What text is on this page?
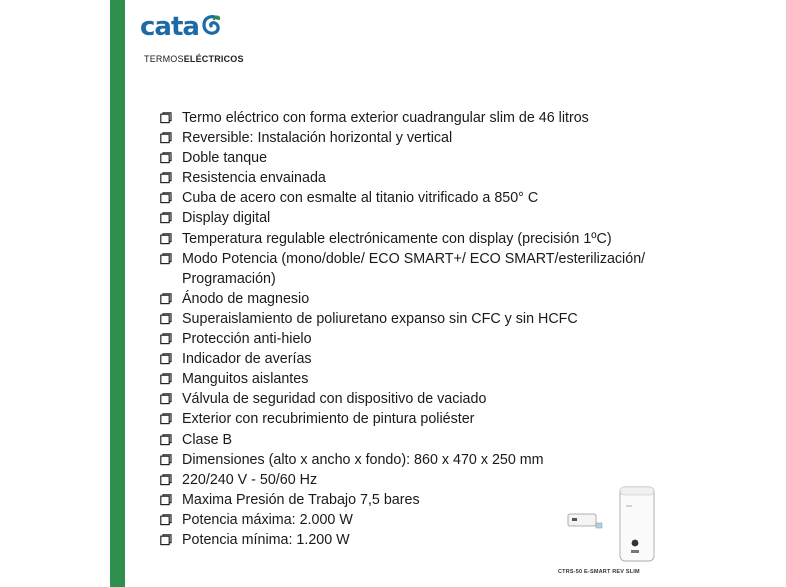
cata
TERMOSELÉCTRICOS
Termo eléctrico con forma exterior cuadrangular slim de 46 litros
Reversible: Instalación horizontal y vertical
Doble tanque
Resistencia envainada
Cuba de acero con esmalte al titanio vitrificado a 850° C
Display digital
Temperatura regulable electrónicamente con display (precisión 1ºC)
Modo Potencia (mono/doble/ ECO SMART+/ ECO SMART/esterilización/ Programación)
Ánodo de magnesio
Superaislamiento de poliuretano expanso sin CFC y sin HCFC
Protección anti-hielo
Indicador de averías
Manguitos aislantes
Válvula de seguridad con dispositivo de vaciado
Exterior con recubrimiento de pintura poliéster
Clase B
Dimensiones (alto x ancho x fondo): 860 x 470 x 250 mm
220/240 V - 50/60 Hz
Maxima Presión de Trabajo 7,5 bares
Potencia máxima: 2.000 W
Potencia mínima: 1.200 W
CTRS-50 E-SMART REV SLIM
